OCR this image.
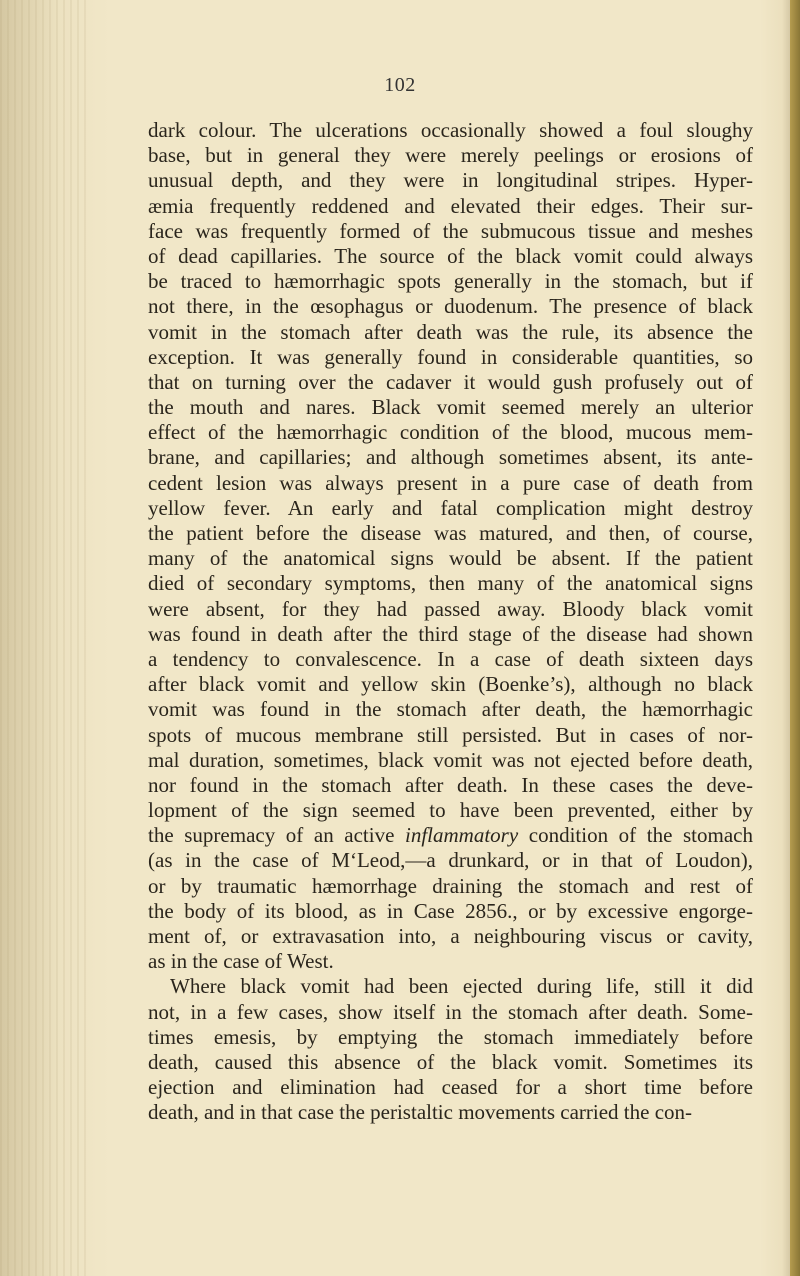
102
dark colour. The ulcerations occasionally showed a foul sloughy
base, but in general they were merely peelings or erosions of
unusual depth, and they were in longitudinal stripes. Hyper-
æmia frequently reddened and elevated their edges. Their sur-
face was frequently formed of the submucous tissue and meshes
of dead capillaries. The source of the black vomit could always
be traced to hæmorrhagic spots generally in the stomach, but if
not there, in the œsophagus or duodenum. The presence of black
vomit in the stomach after death was the rule, its absence the
exception. It was generally found in considerable quantities, so
that on turning over the cadaver it would gush profusely out of
the mouth and nares. Black vomit seemed merely an ulterior
effect of the hæmorrhagic condition of the blood, mucous mem-
brane, and capillaries; and although sometimes absent, its ante-
cedent lesion was always present in a pure case of death from
yellow fever. An early and fatal complication might destroy
the patient before the disease was matured, and then, of course,
many of the anatomical signs would be absent. If the patient
died of secondary symptoms, then many of the anatomical signs
were absent, for they had passed away. Bloody black vomit
was found in death after the third stage of the disease had shown
a tendency to convalescence. In a case of death sixteen days
after black vomit and yellow skin (Boenke’s), although no black
vomit was found in the stomach after death, the hæmorrhagic
spots of mucous membrane still persisted. But in cases of nor-
mal duration, sometimes, black vomit was not ejected before death,
nor found in the stomach after death. In these cases the deve-
lopment of the sign seemed to have been prevented, either by
the supremacy of an active inflammatory condition of the stomach
(as in the case of M‘Leod,—a drunkard, or in that of Loudon),
or by traumatic hæmorrhage draining the stomach and rest of
the body of its blood, as in Case 2856., or by excessive engorge-
ment of, or extravasation into, a neighbouring viscus or cavity,
as in the case of West.
Where black vomit had been ejected during life, still it did
not, in a few cases, show itself in the stomach after death. Some-
times emesis, by emptying the stomach immediately before
death, caused this absence of the black vomit. Sometimes its
ejection and elimination had ceased for a short time before
death, and in that case the peristaltic movements carried the con-
